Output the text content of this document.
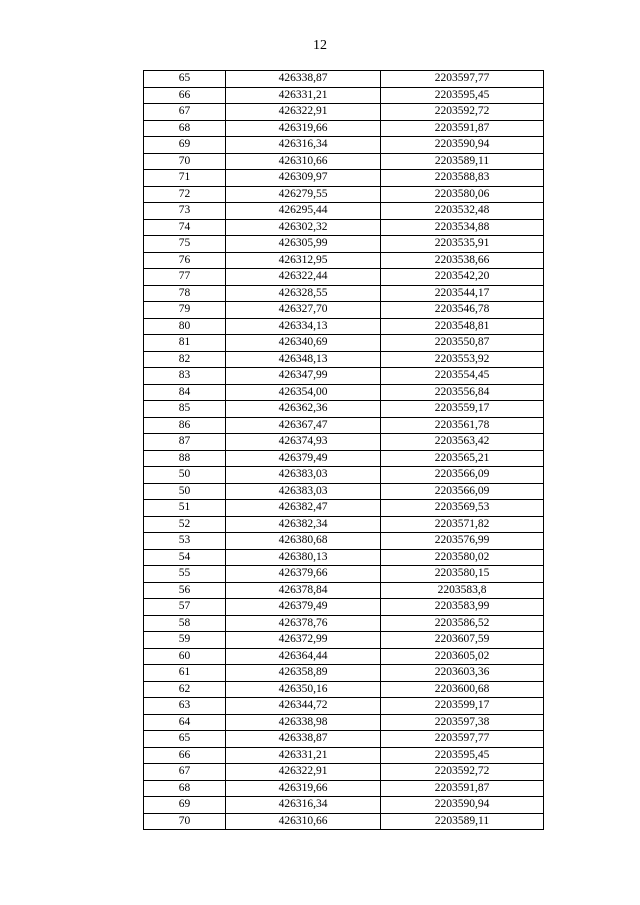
12
65	426338,87	2203597,77
66	426331,21	2203595,45
67	426322,91	2203592,72
68	426319,66	2203591,87
69	426316,34	2203590,94
70	426310,66	2203589,11
71	426309,97	2203588,83
72	426279,55	2203580,06
73	426295,44	2203532,48
74	426302,32	2203534,88
75	426305,99	2203535,91
76	426312,95	2203538,66
77	426322,44	2203542,20
78	426328,55	2203544,17
79	426327,70	2203546,78
80	426334,13	2203548,81
81	426340,69	2203550,87
82	426348,13	2203553,92
83	426347,99	2203554,45
84	426354,00	2203556,84
85	426362,36	2203559,17
86	426367,47	2203561,78
87	426374,93	2203563,42
88	426379,49	2203565,21
50	426383,03	2203566,09
50	426383,03	2203566,09
51	426382,47	2203569,53
52	426382,34	2203571,82
53	426380,68	2203576,99
54	426380,13	2203580,02
55	426379,66	2203580,15
56	426378,84	2203583,8
57	426379,49	2203583,99
58	426378,76	2203586,52
59	426372,99	2203607,59
60	426364,44	2203605,02
61	426358,89	2203603,36
62	426350,16	2203600,68
63	426344,72	2203599,17
64	426338,98	2203597,38
65	426338,87	2203597,77
66	426331,21	2203595,45
67	426322,91	2203592,72
68	426319,66	2203591,87
69	426316,34	2203590,94
70	426310,66	2203589,11
